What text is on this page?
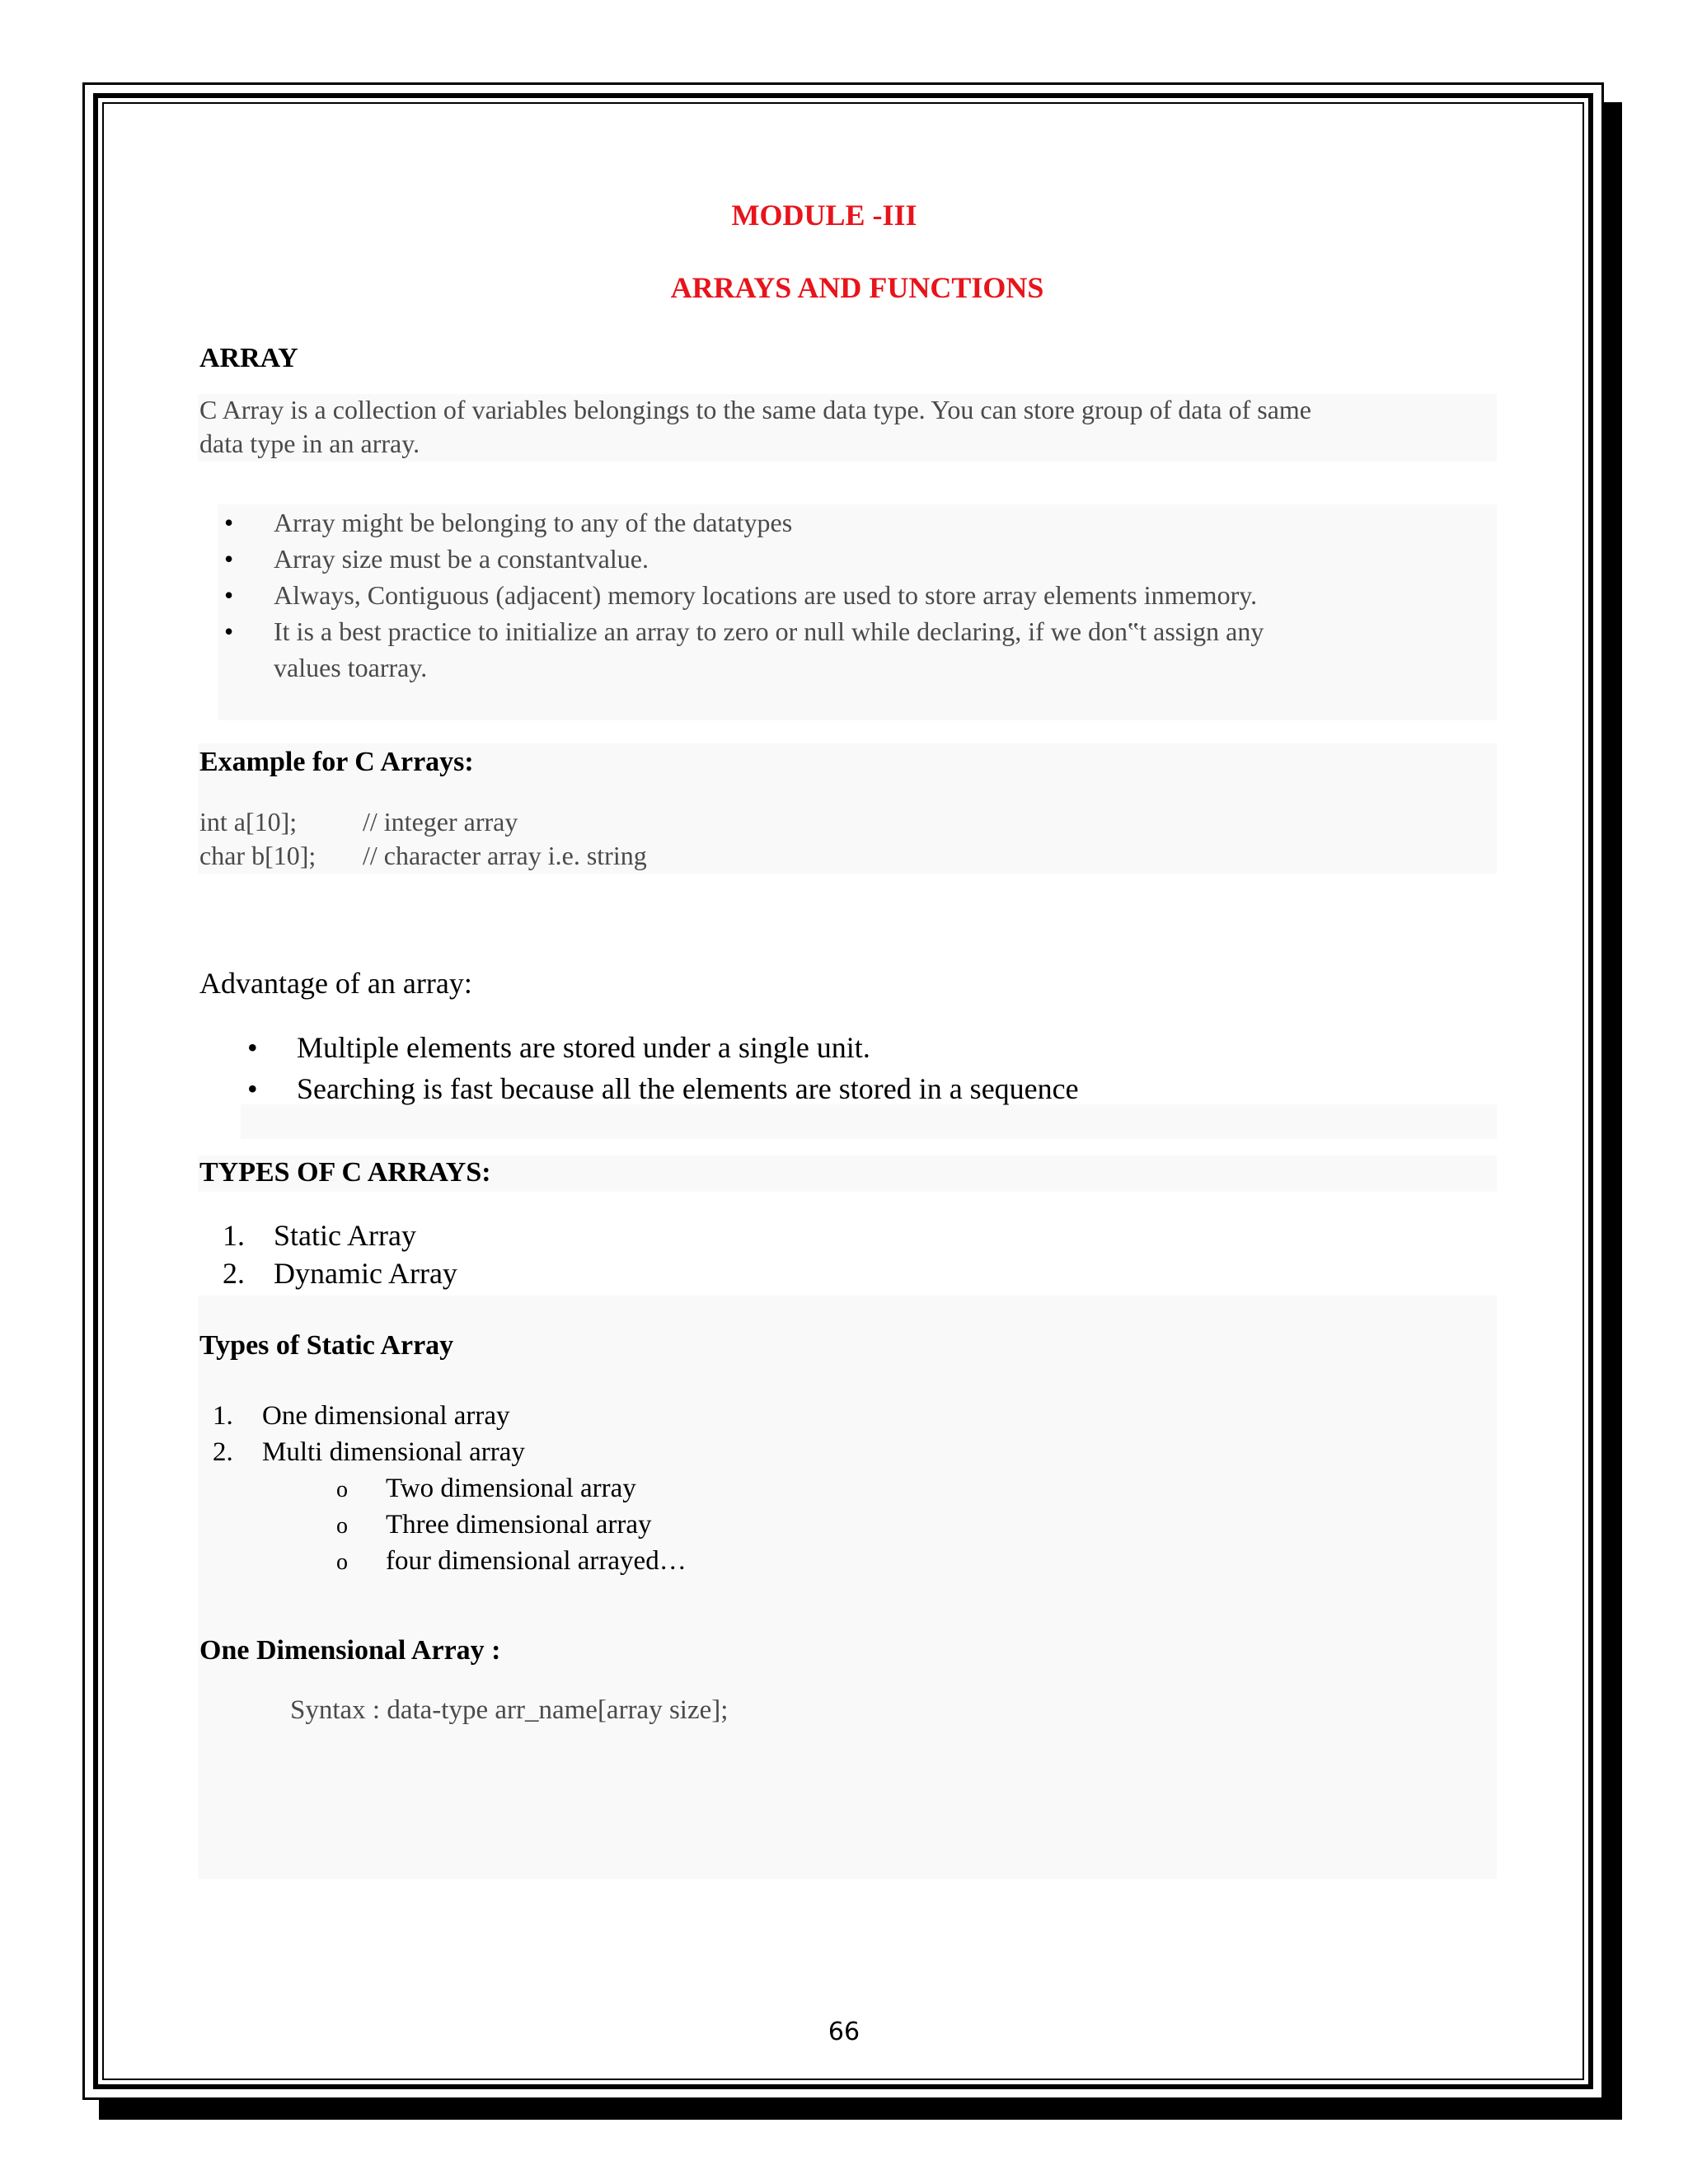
MODULE -III
ARRAYS AND FUNCTIONS
ARRAY
C Array is a collection of variables belongings to the same data type. You can store group of data of same
data type in an array.
• Array might be belonging to any of the datatypes
• Array size must be a constantvalue.
• Always, Contiguous (adjacent) memory locations are used to store array elements inmemory.
• It is a best practice to initialize an array to zero or null while declaring, if we don‟t assign any
values toarray.
Example for C Arrays:
int a[10]; // integer array
char b[10]; // character array i.e. string
Advantage of an array:
• Multiple elements are stored under a single unit.
• Searching is fast because all the elements are stored in a sequence
TYPES OF C ARRAYS:
1. Static Array
2. Dynamic Array
Types of Static Array
1. One dimensional array
2. Multi dimensional array
o Two dimensional array
o Three dimensional array
o four dimensional arrayed…
One Dimensional Array :
Syntax : data-type arr_name[array size];
66
